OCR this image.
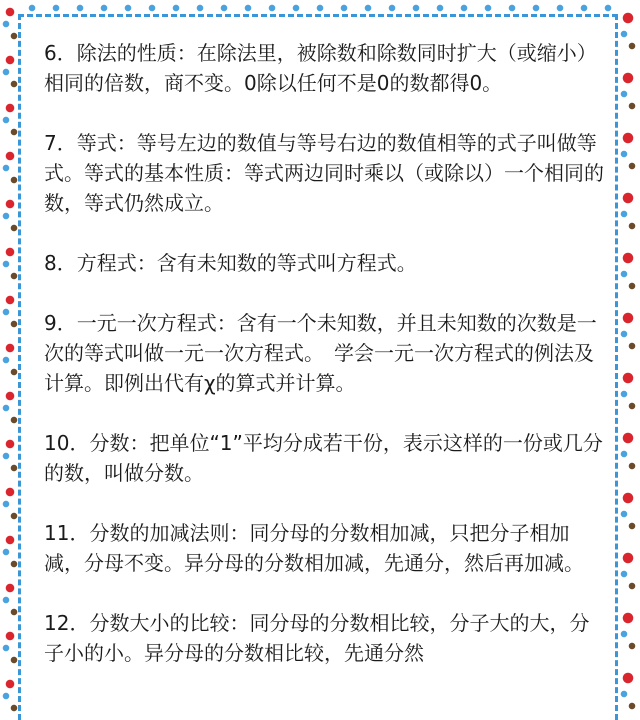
6．除法的性质：在除法里，被除数和除数同时扩大（或缩小）相同的倍数，商不变。0除以任何不是0的数都得0。

7．等式：等号左边的数值与等号右边的数值相等的式子叫做等式。等式的基本性质：等式两边同时乘以（或除以）一个相同的数，等式仍然成立。

8．方程式：含有未知数的等式叫方程式。

9．一元一次方程式：含有一个未知数，并且未知数的次数是一次的等式叫做一元一次方程式。　学会一元一次方程式的例法及计算。即例出代有χ的算式并计算。

10．分数：把单位“1”平均分成若干份，表示这样的一份或几分的数，叫做分数。

11．分数的加减法则：同分母的分数相加减，只把分子相加减，分母不变。异分母的分数相加减，先通分，然后再加减。

12．分数大小的比较：同分母的分数相比较，分子大的大，分子小的小。异分母的分数相比较，先通分然
